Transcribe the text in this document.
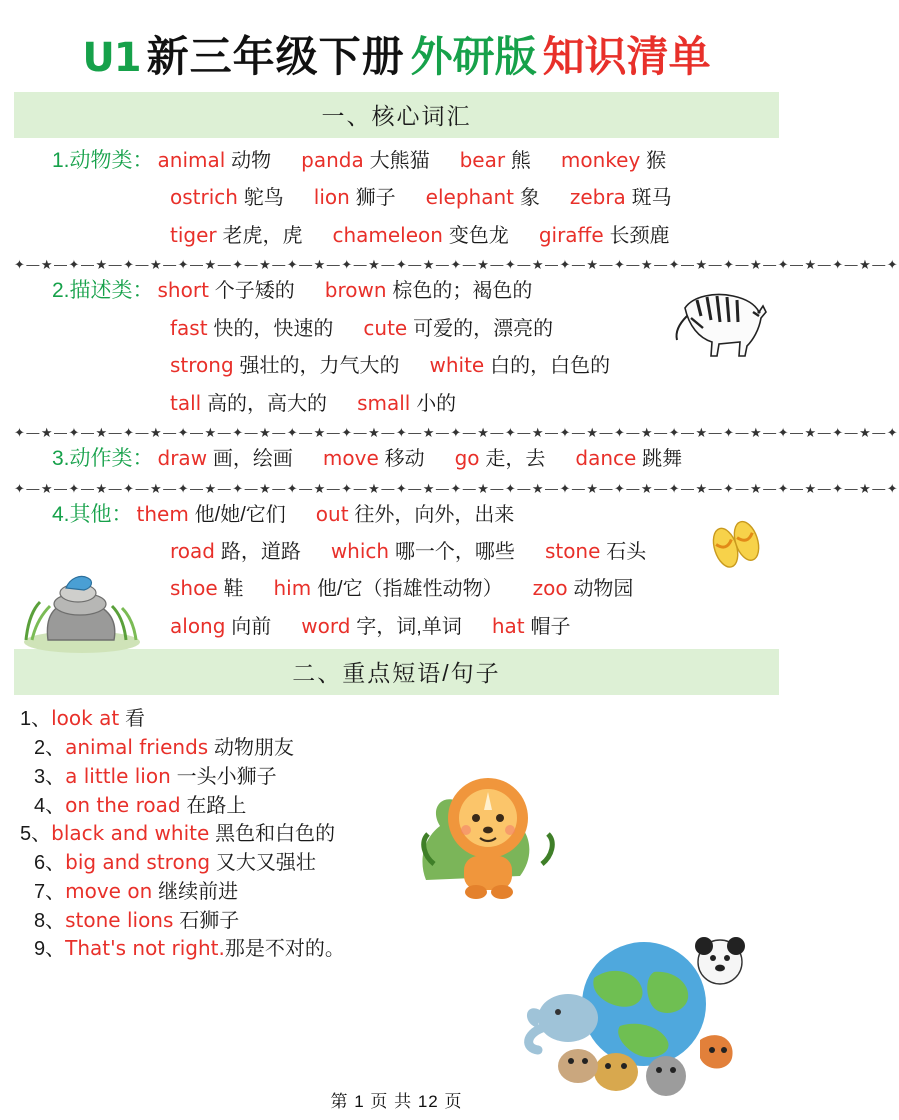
U1 新三年级下册 外研版 知识清单
一、核心词汇
1.动物类： animal 动物 panda 大熊猫 bear 熊 monkey 猴
ostrich 鸵鸟 lion 狮子 elephant 象 zebra 斑马
tiger 老虎，虎 chameleon 变色龙 giraffe 长颈鹿
✦—★—✦—★—✦—★—✦—★—✦—★—✦—★—✦—★—✦—★—✦—★—✦—★—✦—★—✦—★—✦—★—✦—★—✦—★—✦—★—✦
2.描述类： short 个子矮的 brown 棕色的；褐色的
fast 快的，快速的 cute 可爱的，漂亮的
strong 强壮的，力气大的 white 白的，白色的
tall 高的，高大的 small 小的
✦—★—✦—★—✦—★—✦—★—✦—★—✦—★—✦—★—✦—★—✦—★—✦—★—✦—★—✦—★—✦—★—✦—★—✦—★—✦—★—✦
3.动作类： draw 画，绘画 move 移动 go 走，去 dance 跳舞
✦—★—✦—★—✦—★—✦—★—✦—★—✦—★—✦—★—✦—★—✦—★—✦—★—✦—★—✦—★—✦—★—✦—★—✦—★—✦—★—✦
4.其他： them 他/她/它们 out 往外，向外，出来
road 路，道路 which 哪一个，哪些 stone 石头
shoe 鞋 him 他/它（指雄性动物） zoo 动物园
along 向前 word 字，词,单词 hat 帽子
二、重点短语/句子
1、look at 看
2、animal friends 动物朋友
3、a little lion 一头小狮子
4、on the road 在路上
5、black and white 黑色和白色的
6、big and strong 又大又强壮
7、move on 继续前进
8、stone lions 石狮子
9、That's not right.那是不对的。
第 1 页 共 12 页
